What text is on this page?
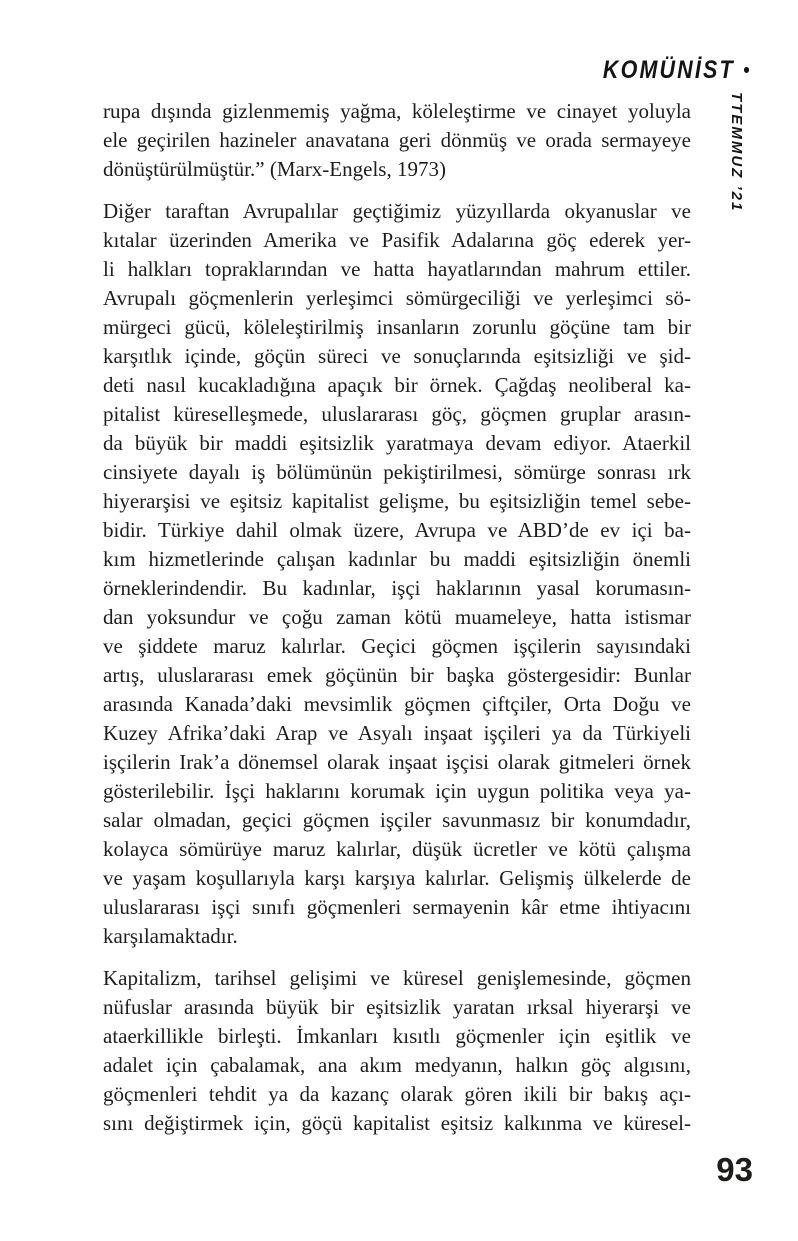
KOMÜNİST •
TTEMMUZ ’21
rupa dışında gizlenmemiş yağma, köleleştirme ve cinayet yoluyla
ele geçirilen hazineler anavatana geri dönmüş ve orada sermayeye
dönüştürülmüştür.” (Marx-Engels, 1973)
Diğer taraftan Avrupalılar geçtiğimiz yüzyıllarda okyanuslar ve
kıtalar üzerinden Amerika ve Pasifik Adalarına göç ederek yer-
li halkları topraklarından ve hatta hayatlarından mahrum ettiler.
Avrupalı göçmenlerin yerleşimci sömürgeciliği ve yerleşimci sö-
mürgeci gücü, köleleştirilmiş insanların zorunlu göçüne tam bir
karşıtlık içinde, göçün süreci ve sonuçlarında eşitsizliği ve şid-
deti nasıl kucakladığına apaçık bir örnek. Çağdaş neoliberal ka-
pitalist küreselleşmede, uluslararası göç, göçmen gruplar arasın-
da büyük bir maddi eşitsizlik yaratmaya devam ediyor. Ataerkil
cinsiyete dayalı iş bölümünün pekiştirilmesi, sömürge sonrası ırk
hiyerarşisi ve eşitsiz kapitalist gelişme, bu eşitsizliğin temel sebe-
bidir. Türkiye dahil olmak üzere, Avrupa ve ABD’de ev içi ba-
kım hizmetlerinde çalışan kadınlar bu maddi eşitsizliğin önemli
örneklerindendir. Bu kadınlar, işçi haklarının yasal korumasın-
dan yoksundur ve çoğu zaman kötü muameleye, hatta istismar
ve şiddete maruz kalırlar. Geçici göçmen işçilerin sayısındaki
artış, uluslararası emek göçünün bir başka göstergesidir: Bunlar
arasında Kanada’daki mevsimlik göçmen çiftçiler, Orta Doğu ve
Kuzey Afrika’daki Arap ve Asyalı inşaat işçileri ya da Türkiyeli
işçilerin Irak’a dönemsel olarak inşaat işçisi olarak gitmeleri örnek
gösterilebilir. İşçi haklarını korumak için uygun politika veya ya-
salar olmadan, geçici göçmen işçiler savunmasız bir konumdadır,
kolayca sömürüye maruz kalırlar, düşük ücretler ve kötü çalışma
ve yaşam koşullarıyla karşı karşıya kalırlar. Gelişmiş ülkelerde de
uluslararası işçi sınıfı göçmenleri sermayenin kâr etme ihtiyacını
karşılamaktadır.
Kapitalizm, tarihsel gelişimi ve küresel genişlemesinde, göçmen
nüfuslar arasında büyük bir eşitsizlik yaratan ırksal hiyerarşi ve
ataerkillikle birleşti. İmkanları kısıtlı göçmenler için eşitlik ve
adalet için çabalamak, ana akım medyanın, halkın göç algısını,
göçmenleri tehdit ya da kazanç olarak gören ikili bir bakış açı-
sını değiştirmek için, göçü kapitalist eşitsiz kalkınma ve küresel-
93
